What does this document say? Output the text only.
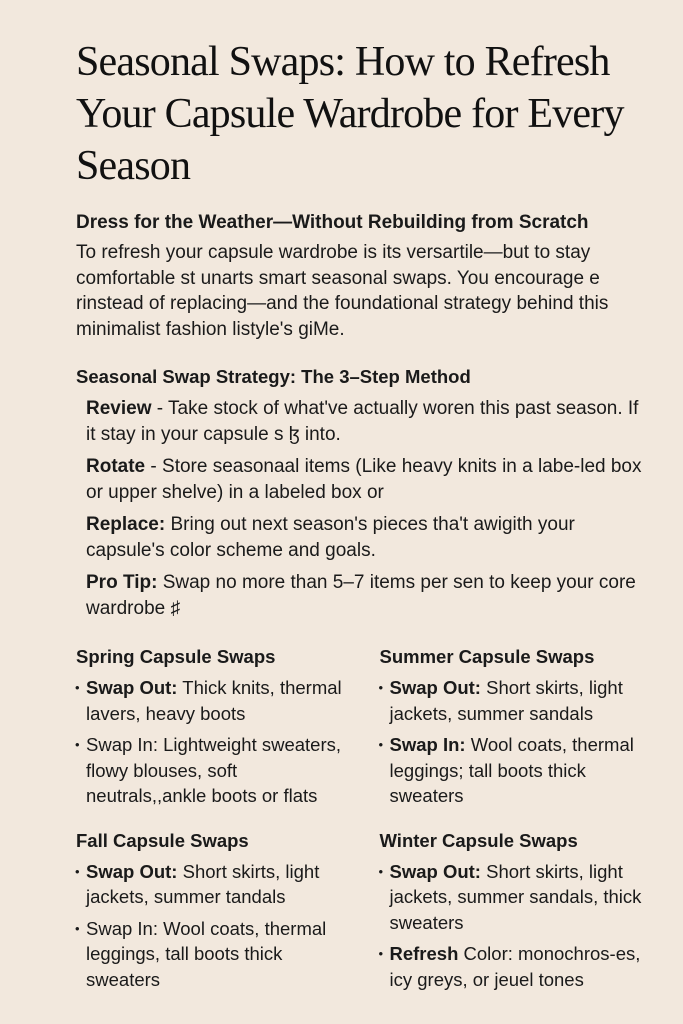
Seasonal Swaps: How to Refresh Your Capsule Wardrobe for Every Season
Dress for the Weather—Without Rebuilding from Scratch

To refresh your capsule wardrobe is its versartile—but to stay comfortable st unarts smart seasonal swaps. You encourage e rinstead of replacing—and the foundational strategy behind this minimalist fashion listyle's giMe.

Seasonal Swap Strategy: The 3–Step Method
Review - Take stock of what've actually woren this past season. If it stay in your capsule s ɮ into.
Rotate - Store seasonaal items (Like heavy knits in a labe-led box or upper shelve) in a labeled box or
Replace: Bring out next season's pieces tha't awigith your capsule's color scheme and goals.
Pro Tip: Swap no more than 5–7 items per sen to keep your core wardrobe ♯
Spring Capsule Swaps
• Swap Out: Thick knits, thermal lavers, heavy boots
• Swap In: Lightweight sweaters, flowy blouses, soft neutrals,,ankle boots or flats
Fall Capsule Swaps
• Swap Out: Short skirts, light jackets, summer tandals
• Swap In: Wool coats, thermal leggings, tall boots thick sweaters
Summer Capsule Swaps
• Swap Out: Short skirts, light jackets, summer sandals
• Swap In: Wool coats, thermal leggings; tall boots thick sweaters
Winter Capsule Swaps
• Swap Out: Short skirts, light jackets, summer sandals, thick sweaters
• Refresh Color: monochros-es, icy greys, or jeuel tones
